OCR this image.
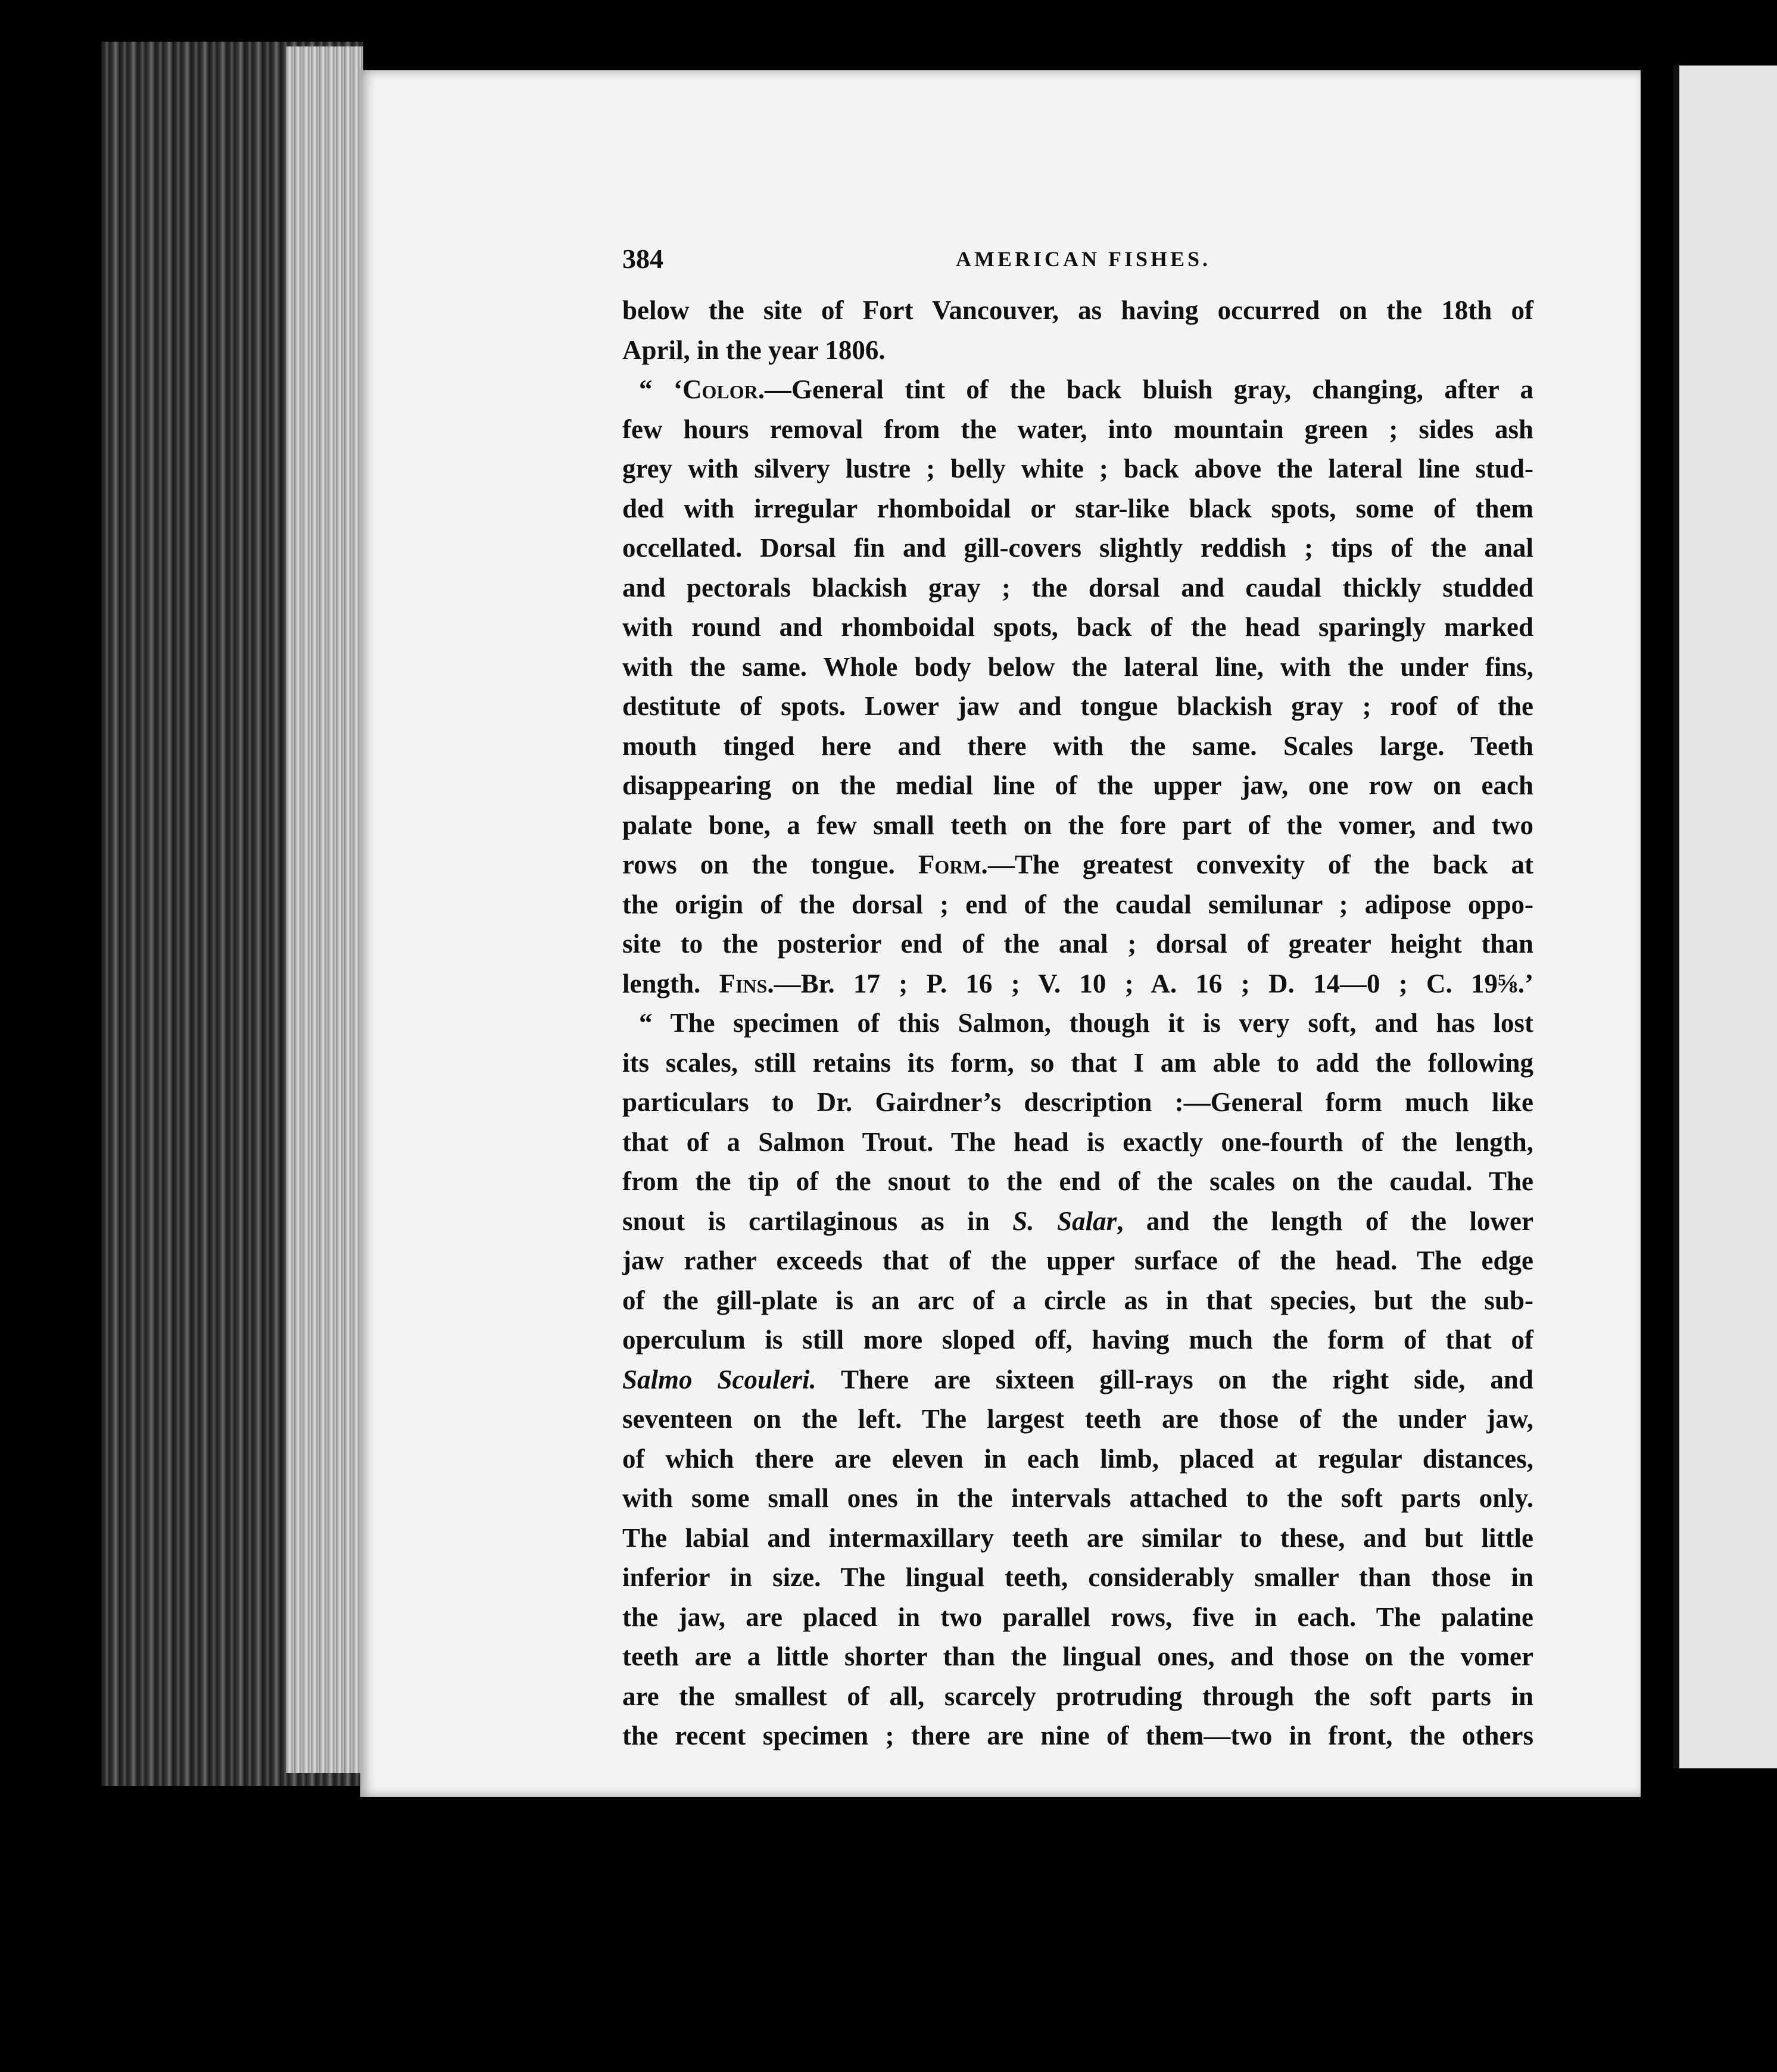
384	AMERICAN FISHES.
below the site of Fort Vancouver, as having occurred on the 18th of
April, in the year 1806.
“ ‘Color.—General tint of the back bluish gray, changing, after a
few hours removal from the water, into mountain green ; sides ash
grey with silvery lustre ; belly white ; back above the lateral line stud-
ded with irregular rhomboidal or star-like black spots, some of them
occellated. Dorsal fin and gill-covers slightly reddish ; tips of the anal
and pectorals blackish gray ; the dorsal and caudal thickly studded
with round and rhomboidal spots, back of the head sparingly marked
with the same. Whole body below the lateral line, with the under fins,
destitute of spots. Lower jaw and tongue blackish gray ; roof of the
mouth tinged here and there with the same. Scales large. Teeth
disappearing on the medial line of the upper jaw, one row on each
palate bone, a few small teeth on the fore part of the vomer, and two
rows on the tongue. Form.—The greatest convexity of the back at
the origin of the dorsal ; end of the caudal semilunar ; adipose oppo-
site to the posterior end of the anal ; dorsal of greater height than
length. Fins.—Br. 17 ; P. 16 ; V. 10 ; A. 16 ; D. 14—0 ; C. 19⅝.’
“ The specimen of this Salmon, though it is very soft, and has lost
its scales, still retains its form, so that I am able to add the following
particulars to Dr. Gairdner’s description :—General form much like
that of a Salmon Trout. The head is exactly one-fourth of the length,
from the tip of the snout to the end of the scales on the caudal. The
snout is cartilaginous as in S. Salar, and the length of the lower
jaw rather exceeds that of the upper surface of the head. The edge
of the gill-plate is an arc of a circle as in that species, but the sub-
operculum is still more sloped off, having much the form of that of
Salmo Scouleri. There are sixteen gill-rays on the right side, and
seventeen on the left. The largest teeth are those of the under jaw,
of which there are eleven in each limb, placed at regular distances,
with some small ones in the intervals attached to the soft parts only.
The labial and intermaxillary teeth are similar to these, and but little
inferior in size. The lingual teeth, considerably smaller than those in
the jaw, are placed in two parallel rows, five in each. The palatine
teeth are a little shorter than the lingual ones, and those on the vomer
are the smallest of all, scarcely protruding through the soft parts in
the recent specimen ; there are nine of them—two in front, the others
